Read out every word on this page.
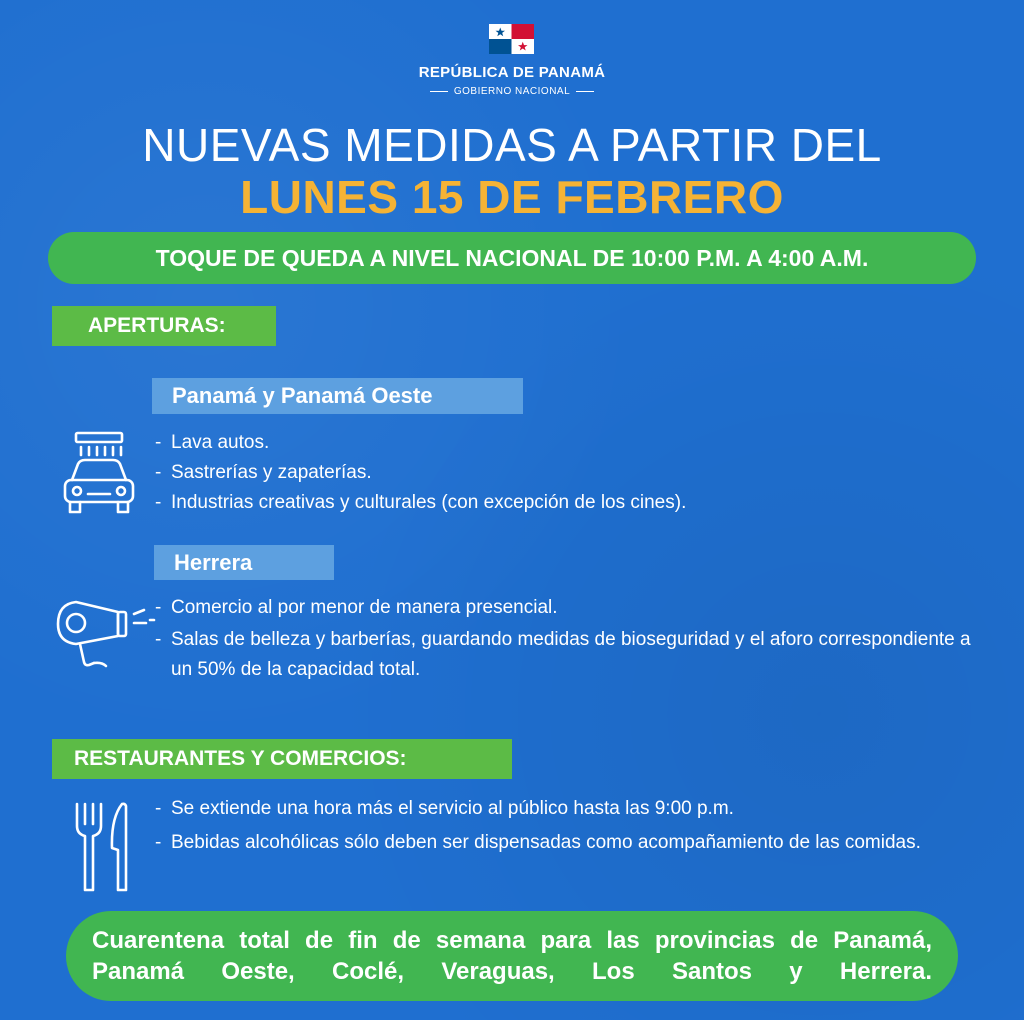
REPÚBLICA DE PANAMÁ
GOBIERNO NACIONAL
NUEVAS MEDIDAS A PARTIR DEL
LUNES 15 DE FEBRERO
TOQUE DE QUEDA A NIVEL NACIONAL DE 10:00 P.M. A 4:00 A.M.
APERTURAS:
Panamá y Panamá Oeste
- Lava autos.
- Sastrerías y zapaterías.
- Industrias creativas y culturales (con excepción de los cines).
Herrera
- Comercio al por menor de manera presencial.
- Salas de belleza y barberías, guardando medidas de bioseguridad y el aforo correspondiente a un 50% de la capacidad total.
RESTAURANTES Y COMERCIOS:
- Se extiende una hora más el servicio al público hasta las 9:00 p.m.
- Bebidas alcohólicas sólo deben ser dispensadas como acompañamiento de las comidas.
Cuarentena total de fin de semana para las provincias de Panamá,
Panamá Oeste, Coclé, Veraguas, Los Santos y Herrera.
